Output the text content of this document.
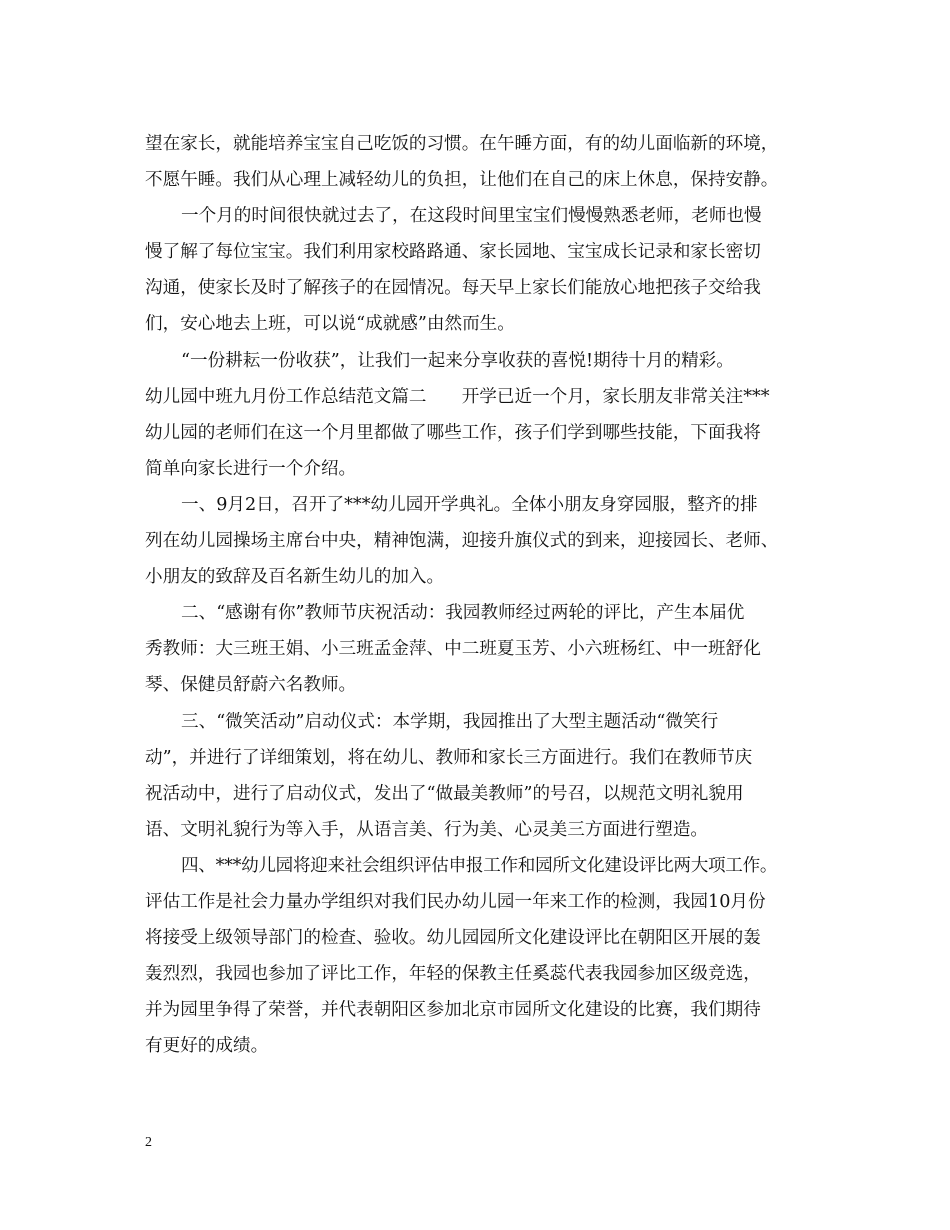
望在家长，就能培养宝宝自己吃饭的习惯。在午睡方面，有的幼儿面临新的环境，
不愿午睡。我们从心理上减轻幼儿的负担，让他们在自己的床上休息，保持安静。
一个月的时间很快就过去了，在这段时间里宝宝们慢慢熟悉老师，老师也慢
慢了解了每位宝宝。我们利用家校路路通、家长园地、宝宝成长记录和家长密切
沟通，使家长及时了解孩子的在园情况。每天早上家长们能放心地把孩子交给我
们，安心地去上班，可以说“成就感”由然而生。
“一份耕耘一份收获”，让我们一起来分享收获的喜悦!期待十月的精彩。
幼儿园中班九月份工作总结范文篇二　　开学已近一个月，家长朋友非常关注***
幼儿园的老师们在这一个月里都做了哪些工作，孩子们学到哪些技能，下面我将
简单向家长进行一个介绍。
一、9月2日，召开了***幼儿园开学典礼。全体小朋友身穿园服，整齐的排
列在幼儿园操场主席台中央，精神饱满，迎接升旗仪式的到来，迎接园长、老师、
小朋友的致辞及百名新生幼儿的加入。
二、“感谢有你”教师节庆祝活动：我园教师经过两轮的评比，产生本届优
秀教师：大三班王娟、小三班孟金萍、中二班夏玉芳、小六班杨红、中一班舒化
琴、保健员舒蔚六名教师。
三、“微笑活动”启动仪式：本学期，我园推出了大型主题活动“微笑行
动”，并进行了详细策划，将在幼儿、教师和家长三方面进行。我们在教师节庆
祝活动中，进行了启动仪式，发出了“做最美教师”的号召，以规范文明礼貌用
语、文明礼貌行为等入手，从语言美、行为美、心灵美三方面进行塑造。
四、***幼儿园将迎来社会组织评估申报工作和园所文化建设评比两大项工作。
评估工作是社会力量办学组织对我们民办幼儿园一年来工作的检测，我园10月份
将接受上级领导部门的检查、验收。幼儿园园所文化建设评比在朝阳区开展的轰
轰烈烈，我园也参加了评比工作，年轻的保教主任奚蕊代表我园参加区级竞选，
并为园里争得了荣誉，并代表朝阳区参加北京市园所文化建设的比赛，我们期待
有更好的成绩。
2
